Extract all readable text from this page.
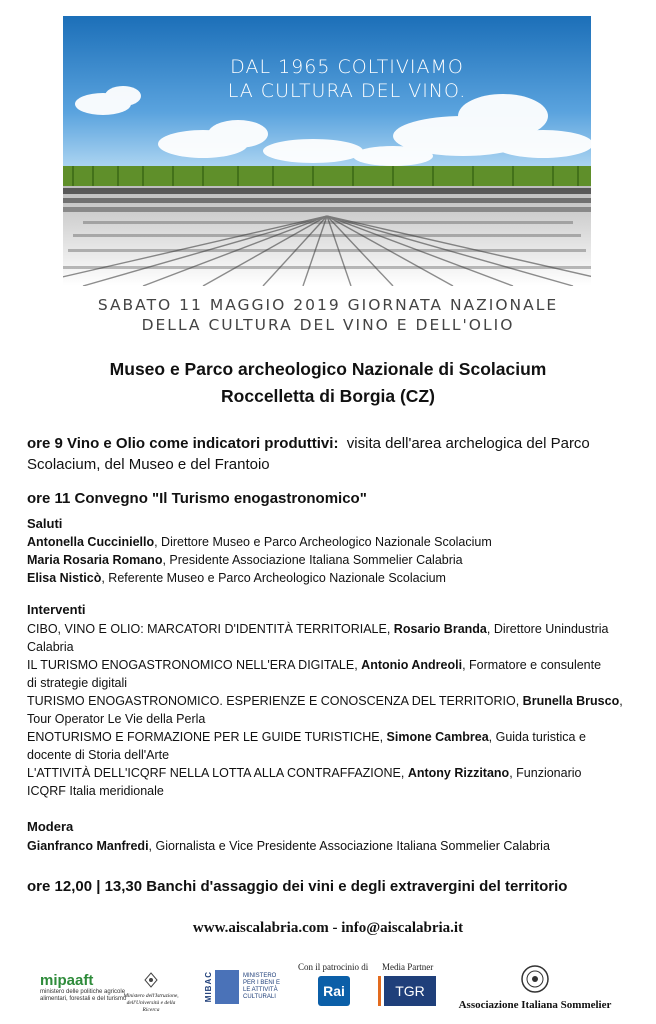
DAL 1965 COLTIVIAMO
LA CULTURA DEL VINO.
SABATO 11 MAGGIO 2019 GIORNATA NAZIONALE
DELLA CULTURA DEL VINO E DELL'OLIO
Museo e Parco archeologico Nazionale di Scolacium
Roccelletta di Borgia (CZ)
ore 9 Vino e Olio come indicatori produttivi: visita dell'area archelogica del Parco
Scolacium, del Museo e del Frantoio
ore 11 Convegno "Il Turismo enogastronomico"
Saluti
Antonella Cucciniello, Direttore Museo e Parco Archeologico Nazionale Scolacium
Maria Rosaria Romano, Presidente Associazione Italiana Sommelier Calabria
Elisa Nisticò, Referente Museo e Parco Archeologico Nazionale Scolacium
Interventi
CIBO, VINO E OLIO: MARCATORI D'IDENTITÀ TERRITORIALE, Rosario Branda, Direttore Unindustria
Calabria
IL TURISMO ENOGASTRONOMICO NELL'ERA DIGITALE, Antonio Andreoli, Formatore e consulente
di strategie digitali
TURISMO ENOGASTRONOMICO. ESPERIENZE E CONOSCENZA DEL TERRITORIO, Brunella Brusco,
Tour Operator Le Vie della Perla
ENOTURISMO E FORMAZIONE PER LE GUIDE TURISTICHE, Simone Cambrea, Guida turistica e
docente di Storia dell'Arte
L'ATTIVITÀ DELL'ICQRF NELLA LOTTA ALLA CONTRAFFAZIONE, Antony Rizzitano, Funzionario
ICQRF Italia meridionale
Modera
Gianfranco Manfredi, Giornalista e Vice Presidente Associazione Italiana Sommelier Calabria
ore 12,00 | 13,30 Banchi d'assaggio dei vini e degli extravergini del territorio
www.aiscalabria.com - info@aiscalabria.it
mipaaft
ministero delle politiche agricole
alimentari, forestali e del turismo
Ministero dell'Istruzione,
dell'Università e della Ricerca
MIBAC	MINISTERO
PER I BENI E
LE ATTIVITÀ
CULTURALI
Con il patrocinio di
Rai
Media Partner
TGR
Associazione Italiana Sommelier
